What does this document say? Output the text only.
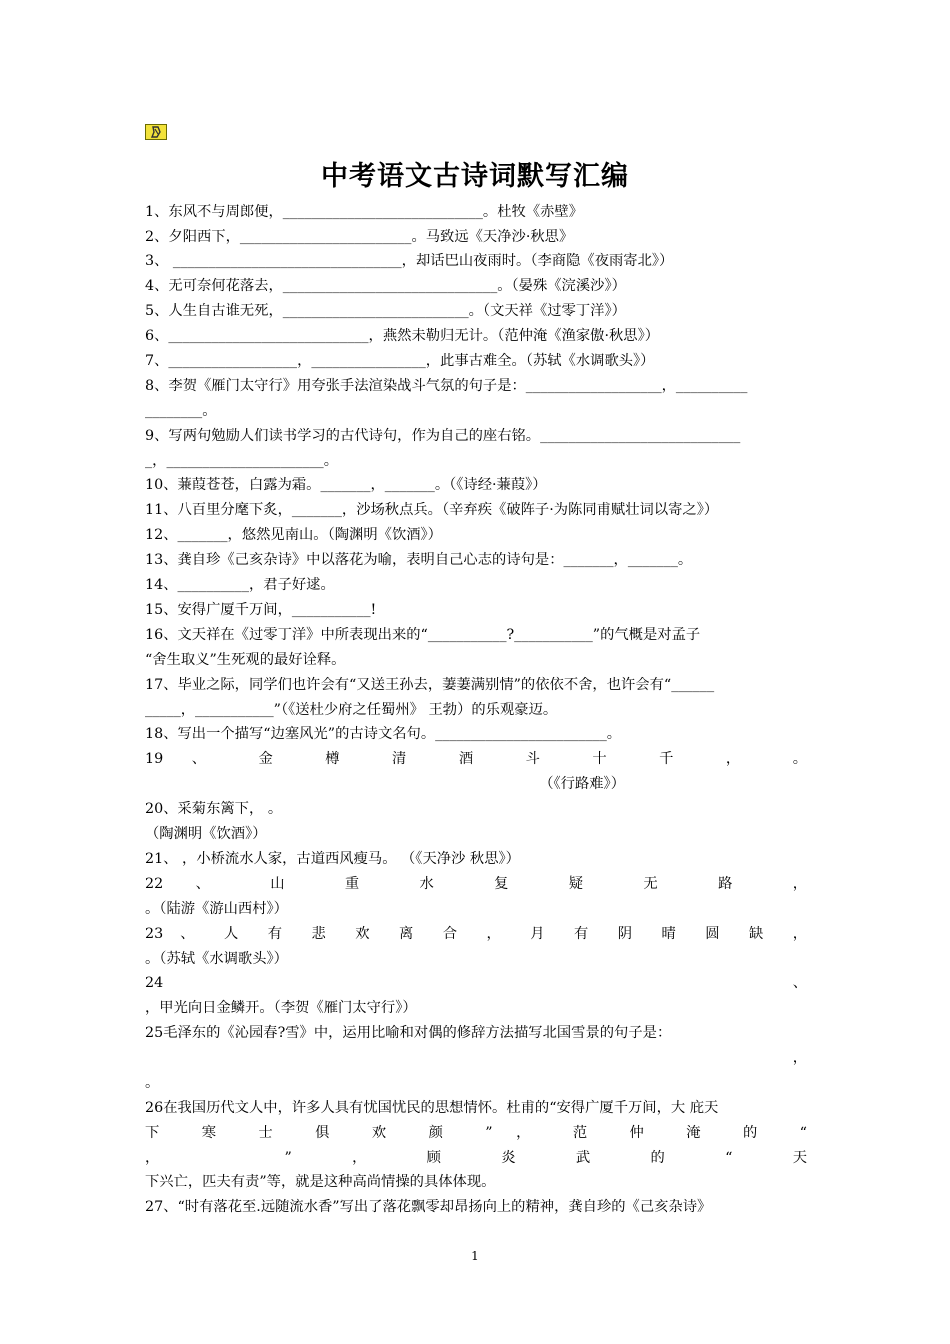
中考语文古诗词默写汇编
1、东风不与周郎便，____________________________。杜牧《赤壁》
2、夕阳西下，________________________。马致远《天净沙·秋思》
3、 ________________________________，却话巴山夜雨时。（李商隐《夜雨寄北》）
4、无可奈何花落去，______________________________。（晏殊《浣溪沙》）
5、人生自古谁无死，__________________________。（文天祥《过零丁洋》）
6、____________________________，燕然未勒归无计。（范仲淹《渔家傲·秋思》）
7、__________________，________________，此事古难全。（苏轼《水调歌头》）
8、李贺《雁门太守行》用夸张手法渲染战斗气氛的句子是：___________________，__________
________。
9、写两句勉励人们读书学习的古代诗句，作为自己的座右铭。____________________________
_，______________________。
10、蒹葭苍苍，白露为霜。_______，_______。（《诗经·蒹葭》）
11、八百里分麾下炙，_______，沙场秋点兵。（辛弃疾《破阵子·为陈同甫赋壮词以寄之》）
12、_______，悠然见南山。（陶渊明《饮酒》）
13、龚自珍《己亥杂诗》中以落花为喻，表明自己心志的诗句是：_______，_______。
14、__________，君子好逑。
15、安得广厦千万间，___________!
16、文天祥在《过零丁洋》中所表现出来的“___________?___________”的气概是对孟子
“舍生取义”生死观的最好诠释。
17、毕业之际，同学们也许会有“又送王孙去，萋萋满别情”的依依不舍，也许会有“______
_____，___________”（《送杜少府之任蜀州》 王勃）的乐观豪迈。
18、写出一个描写“边塞风光”的古诗文名句。________________________。
19 、 金 樽 清 酒 斗 十 千 ， 。
（《行路难》）
20、采菊东篱下， 。
（陶渊明《饮酒》）
21、 ，小桥流水人家，古道西风瘦马。 （《天净沙 秋思》）
22 、 山 重 水 复 疑 无 路 ，
。（陆游《游山西村》）
23 、 人 有 悲 欢 离 合 ， 月 有 阴 晴 圆 缺 ，
。（苏轼《水调歌头》）
24 、
，甲光向日金鳞开。（李贺《雁门太守行》）
25毛泽东的《沁园春?雪》中，运用比喻和对偶的修辞方法描写北国雪景的句子是：
，
。
26在我国历代文人中，许多人具有忧国忧民的思想情怀。杜甫的“安得广厦千万间，大 庇天
下 寒 士 俱 欢 颜 ” ， 范 仲 淹 的 “
， ”，顾炎武的“天
下兴亡，匹夫有责”等，就是这种高尚情操的具体体现。
27、“时有落花至.远随流水香”写出了落花飘零却昂扬向上的精神，龚自珍的《己亥杂诗》
1
